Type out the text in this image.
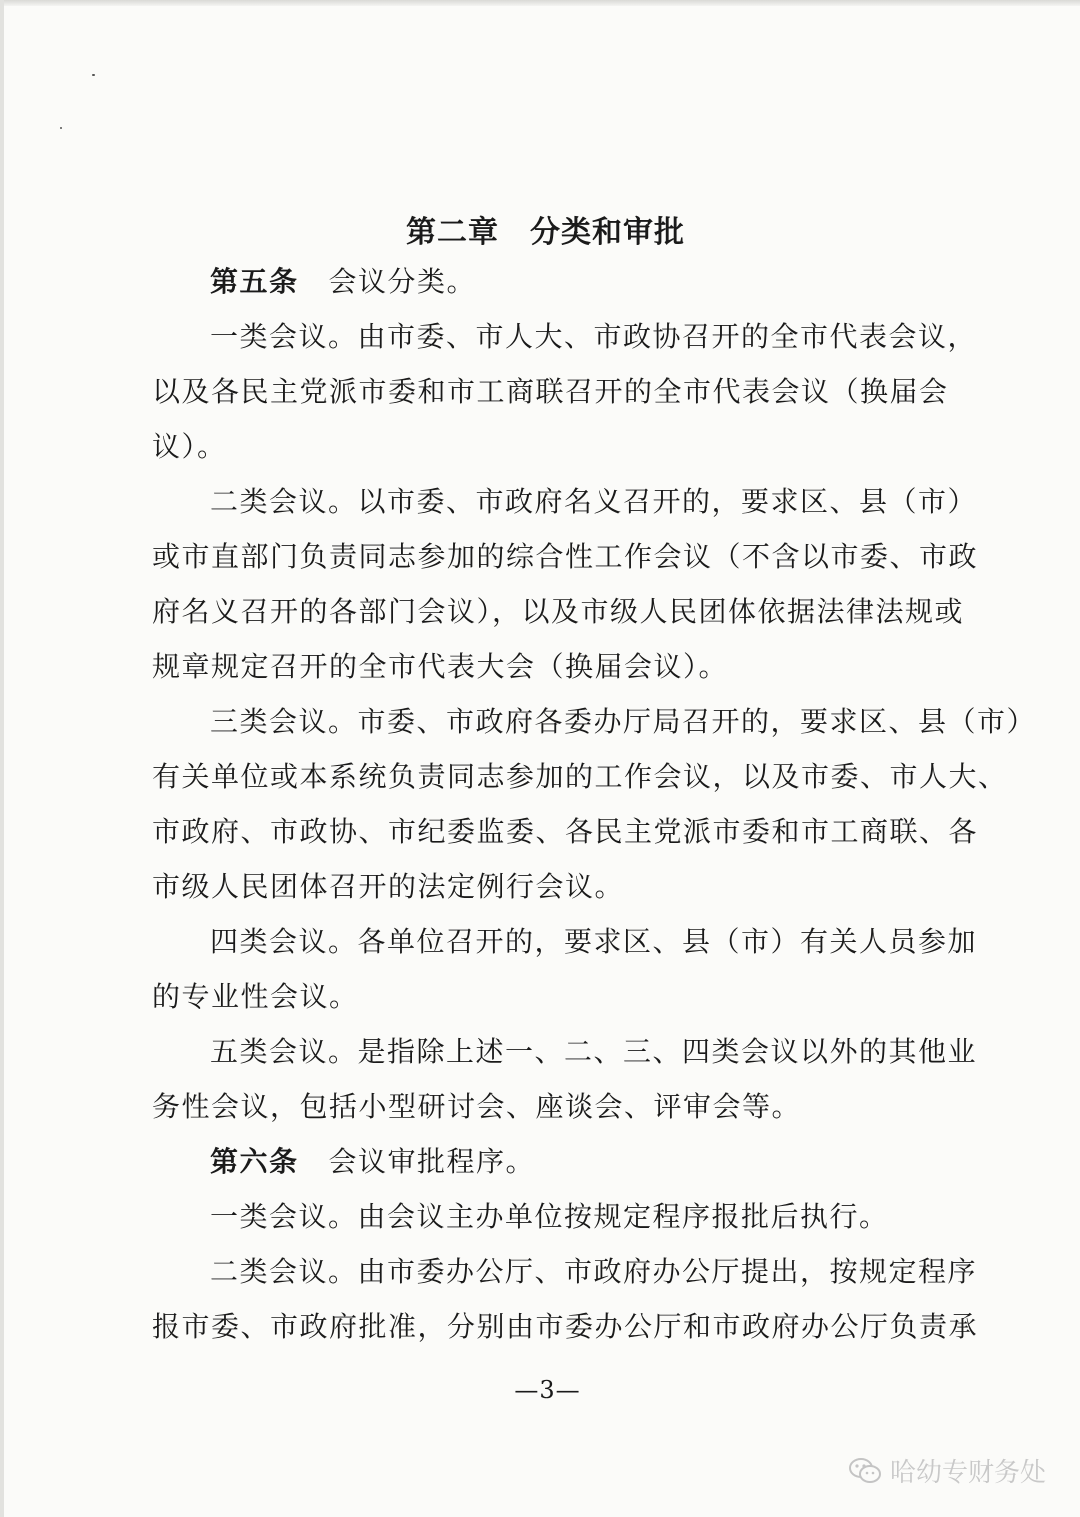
第二章　分类和审批
第五条 会议分类。
一类会议。由市委、市人大、市政协召开的全市代表会议，
以及各民主党派市委和市工商联召开的全市代表会议（换届会
议）。
二类会议。以市委、市政府名义召开的，要求区、县（市）
或市直部门负责同志参加的综合性工作会议（不含以市委、市政
府名义召开的各部门会议），以及市级人民团体依据法律法规或
规章规定召开的全市代表大会（换届会议）。
三类会议。市委、市政府各委办厅局召开的，要求区、县（市）
有关单位或本系统负责同志参加的工作会议，以及市委、市人大、
市政府、市政协、市纪委监委、各民主党派市委和市工商联、各
市级人民团体召开的法定例行会议。
四类会议。各单位召开的，要求区、县（市）有关人员参加
的专业性会议。
五类会议。是指除上述一、二、三、四类会议以外的其他业
务性会议，包括小型研讨会、座谈会、评审会等。
第六条 会议审批程序。
一类会议。由会议主办单位按规定程序报批后执行。
二类会议。由市委办公厅、市政府办公厅提出，按规定程序
报市委、市政府批准，分别由市委办公厅和市政府办公厅负责承
—3—
哈幼专财务处
